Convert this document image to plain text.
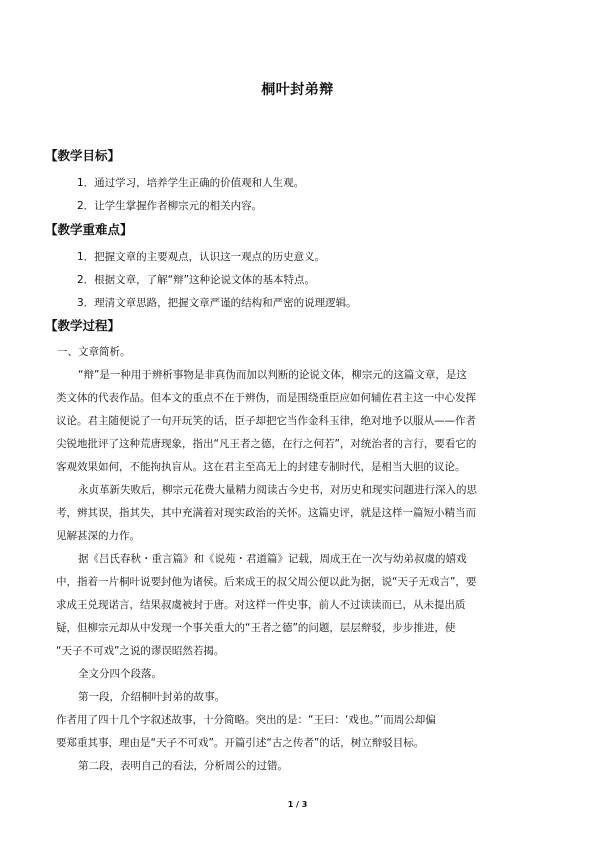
桐叶封弟辩
【教学目标】
1．通过学习，培养学生正确的价值观和人生观。
2．让学生掌握作者柳宗元的相关内容。
【教学重难点】
1．把握文章的主要观点，认识这一观点的历史意义。
2．根据文章，了解“辩”这种论说文体的基本特点。
3．理清文章思路，把握文章严谨的结构和严密的说理逻辑。
【教学过程】
一、文章简析。
“辩”是一种用于辨析事物是非真伪而加以判断的论说文体，柳宗元的这篇文章，是这
类文体的代表作品。但本文的重点不在于辨伪，而是围绕重臣应如何辅佐君主这一中心发挥
议论。君主随便说了一句开玩笑的话，臣子却把它当作金科玉律，绝对地予以服从——作者
尖锐地批评了这种荒唐现象，指出“凡王者之德，在行之何若”，对统治者的言行，要看它的
客观效果如何，不能拘执盲从。这在君主至高无上的封建专制时代，是相当大胆的议论。
永贞革新失败后，柳宗元花费大量精力阅读古今史书，对历史和现实问题进行深入的思
考，辨其误，指其失，其中充满着对现实政治的关怀。这篇史评，就是这样一篇短小精当而
见解甚深的力作。
据《吕氏春秋・重言篇》和《说苑・君道篇》记载，周成王在一次与幼弟叔虞的嬉戏
中，指着一片桐叶说要封他为诸侯。后来成王的叔父周公便以此为据，说“天子无戏言”，要
求成王兑现诺言，结果叔虞被封于唐。对这样一件史事，前人不过读读而已，从未提出质
疑，但柳宗元却从中发现一个事关重大的“王者之德”的问题，层层辩驳，步步推进，使
“天子不可戏”之说的谬误昭然若揭。
全文分四个段落。
第一段，介绍桐叶封弟的故事。
作者用了四十几个字叙述故事，十分简略。突出的是：“王曰：‘戏也。”’而周公却偏
要郑重其事，理由是“天子不可戏”。开篇引述“古之传者”的话，树立辩驳目标。
第二段，表明自己的看法，分析周公的过错。
1 / 3
